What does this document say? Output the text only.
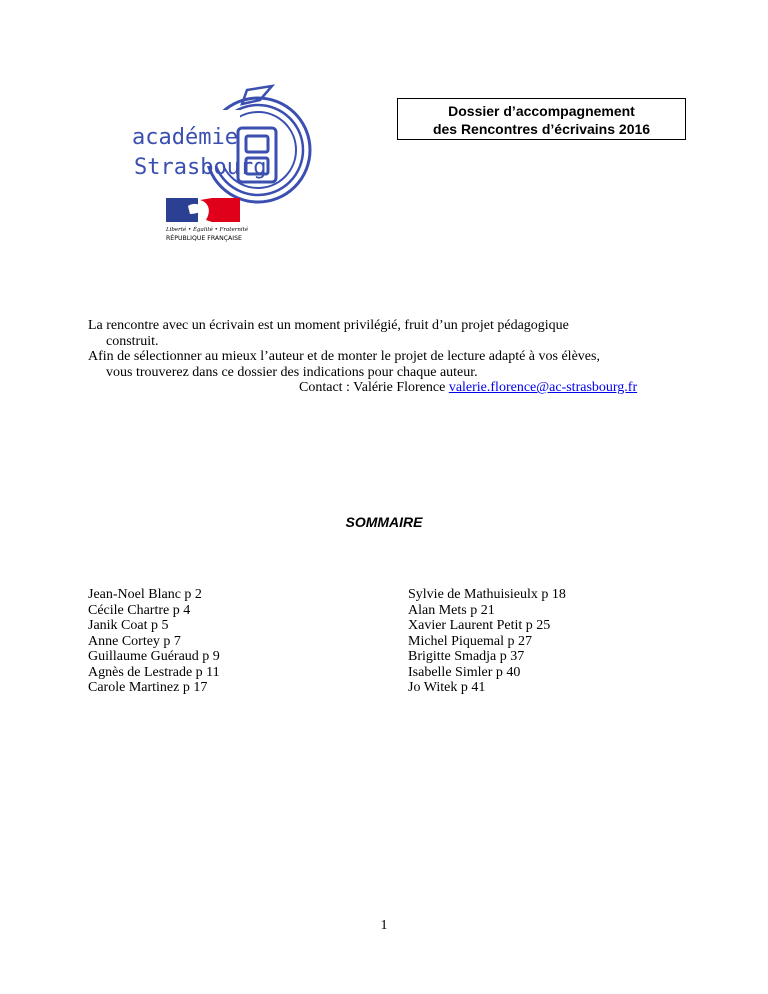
académie
Strasbourg
Liberté • Égalité • Fraternité
RÉPUBLIQUE FRANÇAISE
Dossier d’accompagnement
des Rencontres d’écrivains 2016

La rencontre avec un écrivain est un moment privilégié, fruit d’un projet pédagogique

construit.

Afin de sélectionner au mieux l’auteur et de monter le projet de lecture adapté à vos élèves,

vous trouverez dans ce dossier des indications pour chaque auteur.

Contact : Valérie Florence valerie.florence@ac-strasbourg.fr

SOMMAIRE
Jean-Noel Blanc p 2
Cécile Chartre p 4
Janik Coat p 5
Anne Cortey p 7
Guillaume Guéraud p 9
Agnès de Lestrade p 11
Carole Martinez p 17
Sylvie de Mathuisieulx p 18
Alan Mets p 21
Xavier Laurent Petit p 25
Michel Piquemal p 27
Brigitte Smadja p 37
Isabelle Simler p 40
Jo Witek p 41
1
